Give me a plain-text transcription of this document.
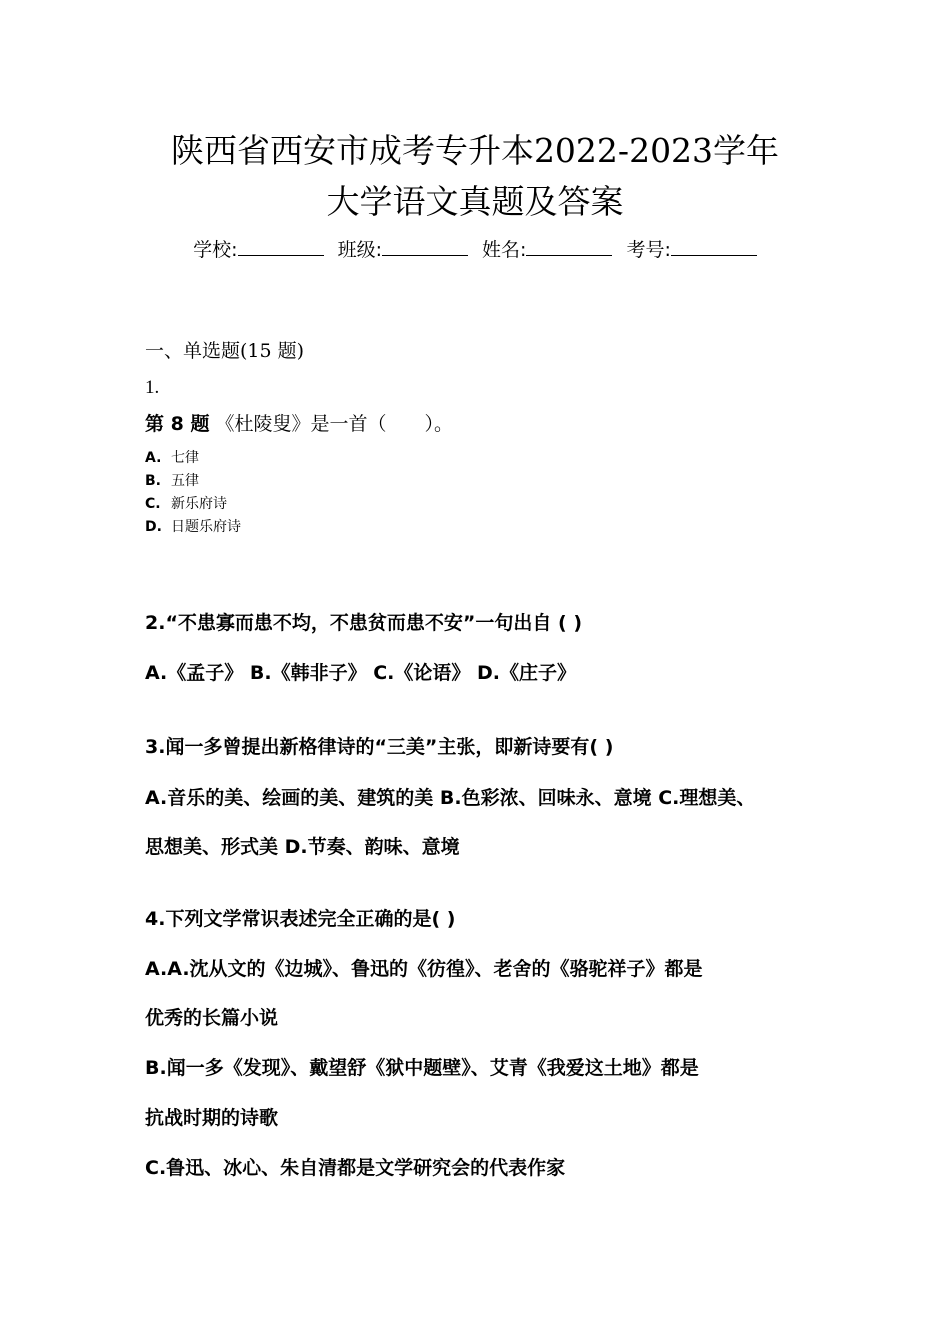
陕西省西安市成考专升本2022-2023学年
大学语文真题及答案
学校:	班级:	姓名:	考号:
一、单选题(15 题)
1.
第 8 题 《杜陵叟》是一首（　　）。
A. 七律
B. 五律
C. 新乐府诗
D. 日题乐府诗
2.“不患寡而患不均，不患贫而患不安”一句出自 ( )
A.《孟子》 B.《韩非子》 C.《论语》 D.《庄子》
3.闻一多曾提出新格律诗的“三美”主张，即新诗要有( )
A.音乐的美、绘画的美、建筑的美 B.色彩浓、回味永、意境 C.理想美、
思想美、形式美 D.节奏、韵味、意境
4.下列文学常识表述完全正确的是( )
A.A.沈从文的《边城》、鲁迅的《彷徨》、老舍的《骆驼祥子》都是
优秀的长篇小说
B.闻一多《发现》、戴望舒《狱中题壁》、艾青《我爱这土地》都是
抗战时期的诗歌
C.鲁迅、冰心、朱自清都是文学研究会的代表作家
